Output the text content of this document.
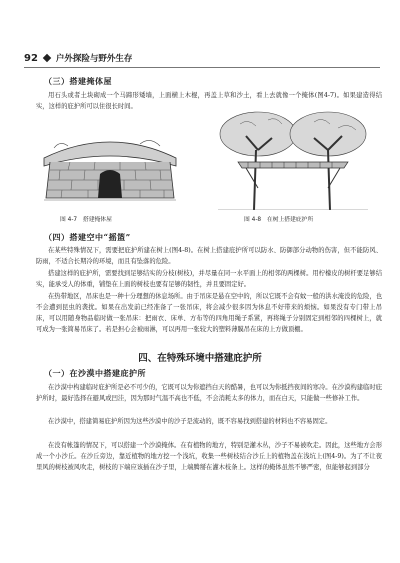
92 户外探险与野外生存
（三）搭建掩体屋

用石头或者土块砌成一个马蹄形矮墙，上面横上木棍，再盖上草和沙土，看上去就像一个掩体(图4-7)。如果建造得结实，这样的庇护所可以住很长时间。

图 4-7　搭建掩体屋	图 4-8　在树上搭建庇护所
（四）搭建空中“摇篮”

在某些特殊情况下，需要把庇护所建在树上(图4-8)。在树上搭建庇护所可以防水、防御部分动物的伤害，但不能防风、防雨，不适合长期冷的环境，而且有坠落的危险。

搭建这样的庇护所，需要找到足够结实的分枝(树枝)，并尽量在同一水平面上的相邻的两棵树。用柠檬皮的树杆要足够结实，能承受人的体重，铺垫在上面的树枝也要有足够的韧性，并且要固定好。

在热带地区，吊床也是一种十分理想的休息场所。由于吊床是悬在空中的，所以它既不会有蚊一般的洪水淹没的危险，也不会遭到昆虫的袭扰。如果在出发前已经准备了一张吊床，将会减少很多因为休息不好带来的烦恼。如果没有专门带上吊床，可以用随身物品临时做一张吊床：把雨衣、床单、方布等的四角用绳子系紧，再将绳子分别固定到相邻的四棵树上，就可成为一张简易吊床了。若是担心会被雨淋，可以再用一张较大的塑料薄膜吊在床的上方做顶棚。

四、在特殊环境中搭建庇护所
（一）在沙漠中搭建庇护所

在沙漠中构建临时庇护所是必不可少的，它既可以为你遮挡白天的酷暑，也可以为你抵挡夜间的寒冷。在沙漠构建临时庇护所时，最好选择在避风或凹洼，因为那时气温不高也不低，不会消耗太多的体力，而在白天，只能做一些修补工作。

在沙漠中，搭建简易庇护所因为这些沙漠中的沙子是流动的，既不容易找到搭建的材料也不容易固定。

在没有帐篷的情况下，可以搭建一个沙漠掩体。在有植物的地方，特别是灌木丛，沙子不易被吹走。因此，这些地方会形成一个小沙丘。在沙丘旁边，靠近植物的地方挖一个浅坑，收集一些树枝结合沙丘上的植物盖在浅坑上(图4-9)。为了不让夜里风的树枝被风吹走，树枝的下端应该插在沙子里，上端腾掰在灌木枝条上。这样的掩体虽然不够严密，但能够起到部分
